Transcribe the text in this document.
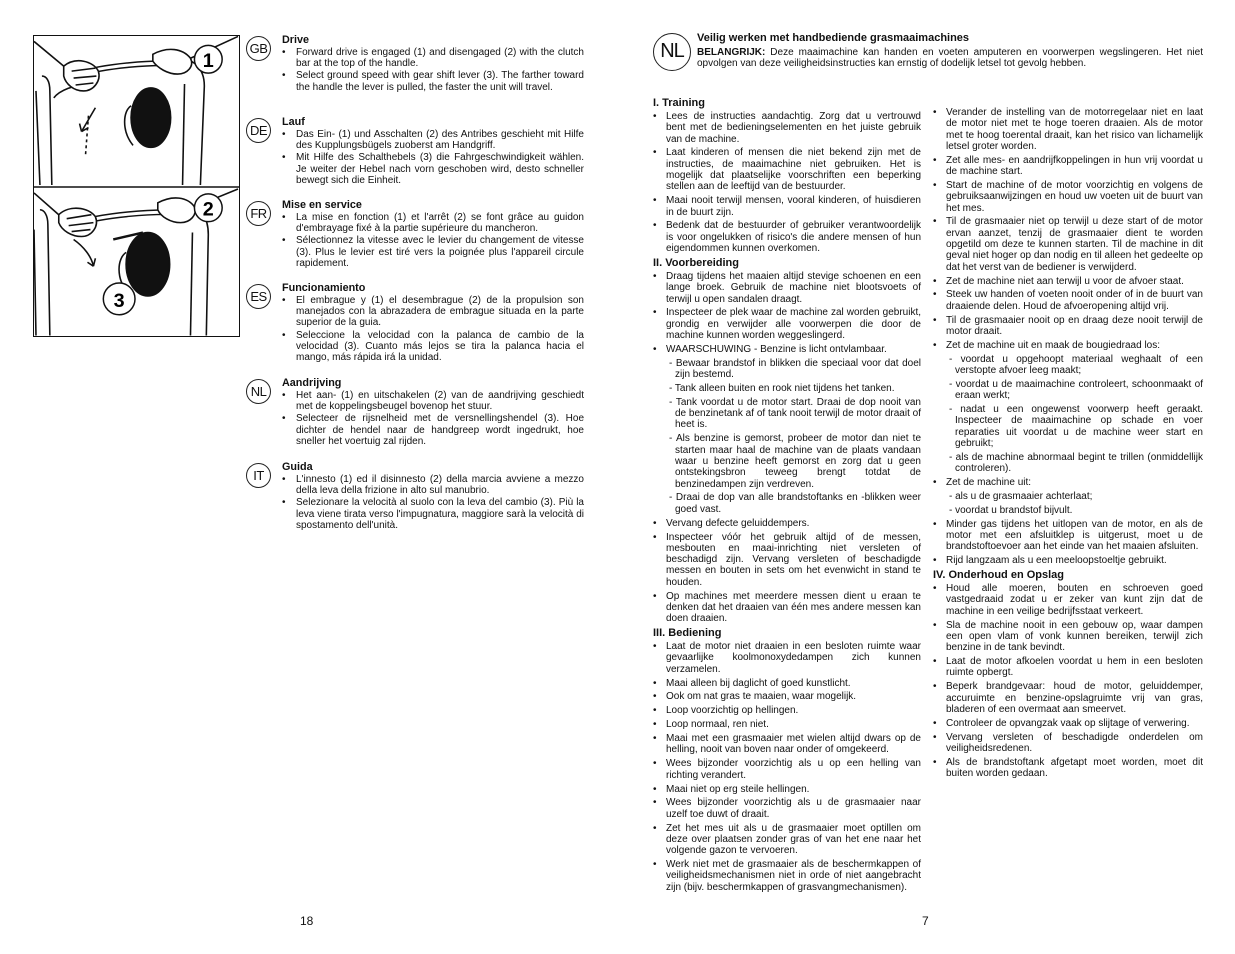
1
2
3
GB
Drive
• Forward drive is engaged (1) and disengaged (2) with the clutch bar at the top of the handle.
• Select ground speed with gear shift lever (3). The farther toward the handle the lever is pulled, the faster the unit will travel.
DE
Lauf
• Das Ein- (1) und Asschalten (2) des Antribes geschieht mit Hilfe des Kupplungsbügels zuoberst am Handgriff.
• Mit Hilfe des Schalthebels (3) die Fahrgeschwindigkeit wählen. Je weiter der Hebel nach vorn geschoben wird, desto schneller bewegt sich die Einheit.
FR
Mise en service
• La mise en fonction (1) et l'arrêt (2) se font grâce au guidon d'embrayage fixé à la partie supérieure du mancheron.
• Sélectionnez la vitesse avec le levier du changement de vitesse (3). Plus le levier est tiré vers la poignée plus l'appareil circule rapidement.
ES
Funcionamiento
• El embrague y (1) el desembrague (2) de la propulsion son manejados con la abrazadera de embrague situada en la parte superior de la guia.
• Seleccione la velocidad con la palanca de cambio de la velocidad (3). Cuanto más lejos se tira la palanca hacia el mango, más rápida irá la unidad.
NL
Aandrijving
• Het aan- (1) en uitschakelen (2) van de aandrijving geschiedt met de koppelingsbeugel bovenop het stuur.
• Selecteer de rijsnelheid met de versnellingshendel (3). Hoe dichter de hendel naar de handgreep wordt ingedrukt, hoe sneller het voertuig zal rijden.
IT
Guida
• L'innesto (1) ed il disinnesto (2) della marcia avviene a mezzo della leva della frizione in alto sul manubrio.
• Selezionare la velocità al suolo con la leva del cambio (3). Più la leva viene tirata verso l'impugnatura, maggiore sarà la velocità di spostamento dell'unità.
18
NL
Veilig werken met handbediende grasmaaimachines
BELANGRIJK: Deze maaimachine kan handen en voeten amputeren en voorwerpen wegslingeren. Het niet opvolgen van deze veiligheidsinstructies kan ernstig of dodelijk letsel tot gevolg hebben.
I. Training
• Lees de instructies aandachtig. Zorg dat u vertrouwd bent met de bedieningselementen en het juiste gebruik van de machine.
• Laat kinderen of mensen die niet bekend zijn met de instructies, de maaimachine niet gebruiken. Het is mogelijk dat plaatselijke voorschriften een beperking stellen aan de leeftijd van de bestuurder.
• Maai nooit terwijl mensen, vooral kinderen, of huisdieren in de buurt zijn.
• Bedenk dat de bestuurder of gebruiker verantwoordelijk is voor ongelukken of risico's die andere mensen of hun eigendommen kunnen overkomen.
II. Voorbereiding
• Draag tijdens het maaien altijd stevige schoenen en een lange broek. Gebruik de machine niet blootsvoets of terwijl u open sandalen draagt.
• Inspecteer de plek waar de machine zal worden gebruikt, grondig en verwijder alle voorwerpen die door de machine kunnen worden weggeslingerd.
• WAARSCHUWING - Benzine is licht ontvlambaar.
- Bewaar brandstof in blikken die speciaal voor dat doel zijn bestemd.
- Tank alleen buiten en rook niet tijdens het tanken.
- Tank voordat u de motor start. Draai de dop nooit van de benzinetank af of tank nooit terwijl de motor draait of heet is.
- Als benzine is gemorst, probeer de motor dan niet te starten maar haal de machine van de plaats vandaan waar u benzine heeft gemorst en zorg dat u geen ontstekingsbron teweeg brengt totdat de benzinedampen zijn verdreven.
- Draai de dop van alle brandstoftanks en -blikken weer goed vast.
• Vervang defecte geluiddempers.
• Inspecteer vóór het gebruik altijd of de messen, mesbouten en maai-inrichting niet versleten of beschadigd zijn. Vervang versleten of beschadigde messen en bouten in sets om het evenwicht in stand te houden.
• Op machines met meerdere messen dient u eraan te denken dat het draaien van één mes andere messen kan doen draaien.
III. Bediening
• Laat de motor niet draaien in een besloten ruimte waar gevaarlijke koolmonoxydedampen zich kunnen verzamelen.
• Maai alleen bij daglicht of goed kunstlicht.
• Ook om nat gras te maaien, waar mogelijk.
• Loop voorzichtig op hellingen.
• Loop normaal, ren niet.
• Maai met een grasmaaier met wielen altijd dwars op de helling, nooit van boven naar onder of omgekeerd.
• Wees bijzonder voorzichtig als u op een helling van richting verandert.
• Maai niet op erg steile hellingen.
• Wees bijzonder voorzichtig als u de grasmaaier naar uzelf toe duwt of draait.
• Zet het mes uit als u de grasmaaier moet optillen om deze over plaatsen zonder gras of van het ene naar het volgende gazon te vervoeren.
• Werk niet met de grasmaaier als de beschermkappen of veiligheidsmechanismen niet in orde of niet aangebracht zijn (bijv. beschermkappen of grasvangmechanismen).
• Verander de instelling van de motorregelaar niet en laat de motor niet met te hoge toeren draaien. Als de motor met te hoog toerental draait, kan het risico van lichamelijk letsel groter worden.
• Zet alle mes- en aandrijfkoppelingen in hun vrij voordat u de machine start.
• Start de machine of de motor voorzichtig en volgens de gebruiksaanwijzingen en houd uw voeten uit de buurt van het mes.
• Til de grasmaaier niet op terwijl u deze start of de motor ervan aanzet, tenzij de grasmaaier dient te worden opgetild om deze te kunnen starten. Til de machine in dit geval niet hoger op dan nodig en til alleen het gedeelte op dat het verst van de bediener is verwijderd.
• Zet de machine niet aan terwijl u voor de afvoer staat.
• Steek uw handen of voeten nooit onder of in de buurt van draaiende delen. Houd de afvoeropening altijd vrij.
• Til de grasmaaier nooit op en draag deze nooit terwijl de motor draait.
• Zet de machine uit en maak de bougiedraad los:
- voordat u opgehoopt materiaal weghaalt of een verstopte afvoer leeg maakt;
- voordat u de maaimachine controleert, schoonmaakt of eraan werkt;
- nadat u een ongewenst voorwerp heeft geraakt. Inspecteer de maaimachine op schade en voer reparaties uit voordat u de machine weer start en gebruikt;
- als de machine abnormaal begint te trillen (onmiddellijk controleren).
• Zet de machine uit:
- als u de grasmaaier achterlaat;
- voordat u brandstof bijvult.
• Minder gas tijdens het uitlopen van de motor, en als de motor met een afsluitklep is uitgerust, moet u de brandstoftoevoer aan het einde van het maaien afsluiten.
• Rijd langzaam als u een meeloopstoeltje gebruikt.
IV. Onderhoud en Opslag
• Houd alle moeren, bouten en schroeven goed vastgedraaid zodat u er zeker van kunt zijn dat de machine in een veilige bedrijfsstaat verkeert.
• Sla de machine nooit in een gebouw op, waar dampen een open vlam of vonk kunnen bereiken, terwijl zich benzine in de tank bevindt.
• Laat de motor afkoelen voordat u hem in een besloten ruimte opbergt.
• Beperk brandgevaar: houd de motor, geluiddemper, accuruimte en benzine-opslagruimte vrij van gras, bladeren of een overmaat aan smeervet.
• Controleer de opvangzak vaak op slijtage of verwering.
• Vervang versleten of beschadigde onderdelen om veiligheidsredenen.
• Als de brandstoftank afgetapt moet worden, moet dit buiten worden gedaan.
7
